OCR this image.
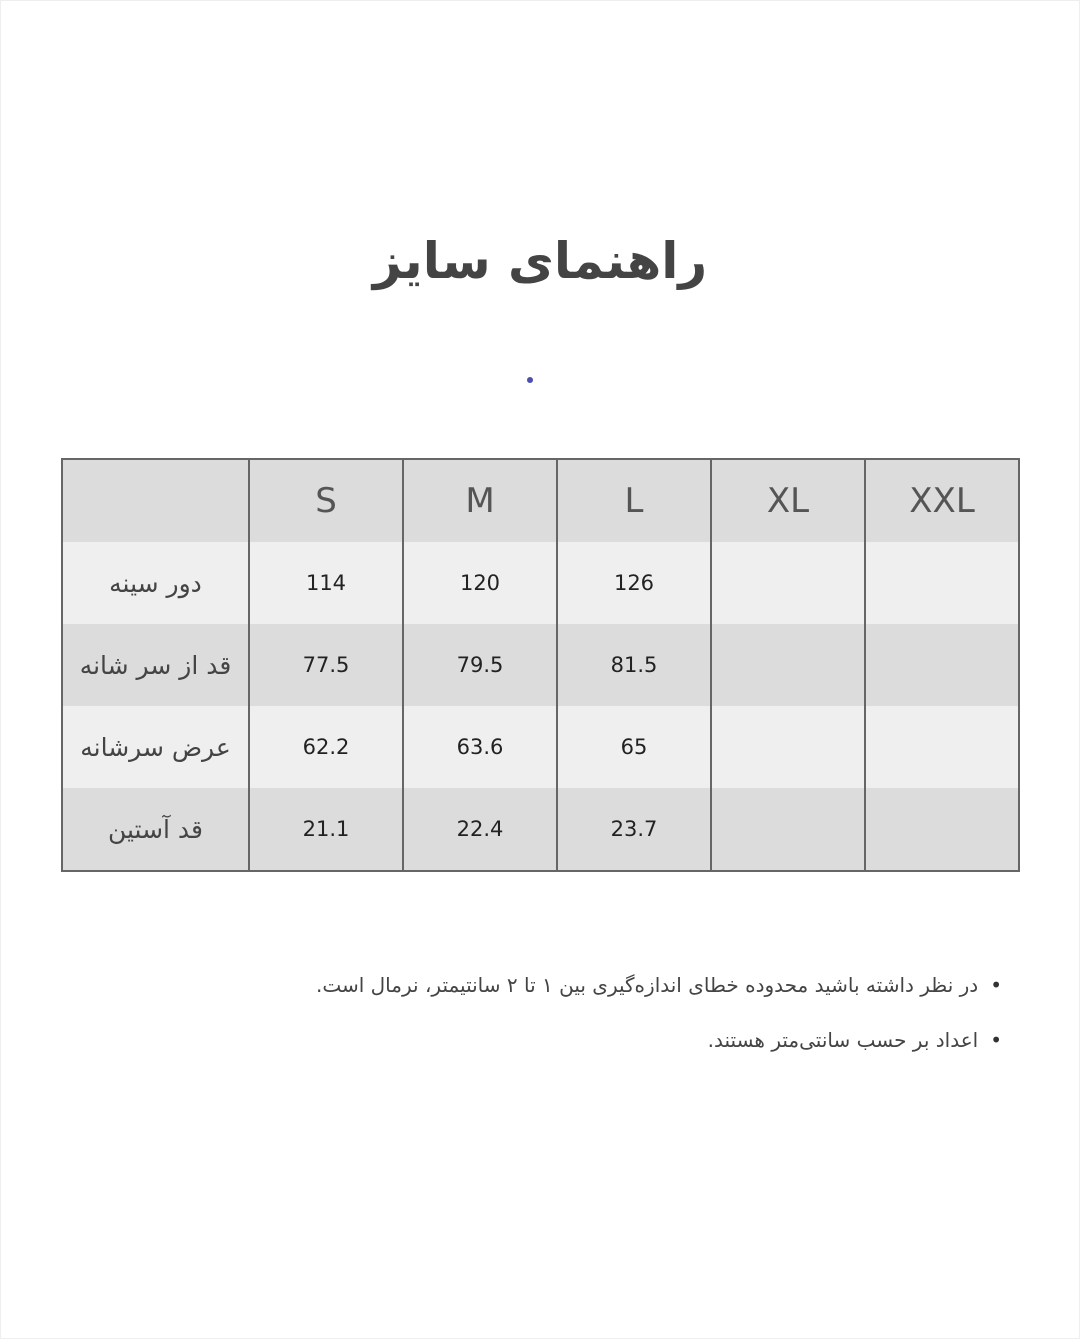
راهنمای سایز
	S	M	L	XL	XXL
دور سینه	114	120	126		
قد از سر شانه	77.5	79.5	81.5		
عرض سرشانه	62.2	63.6	65		
قد آستین	21.1	22.4	23.7		
• در نظر داشته باشید محدوده خطای اندازه‌گیری بین ۱ تا ۲ سانتیمتر، نرمال است.
• اعداد بر حسب سانتی‌متر هستند.
